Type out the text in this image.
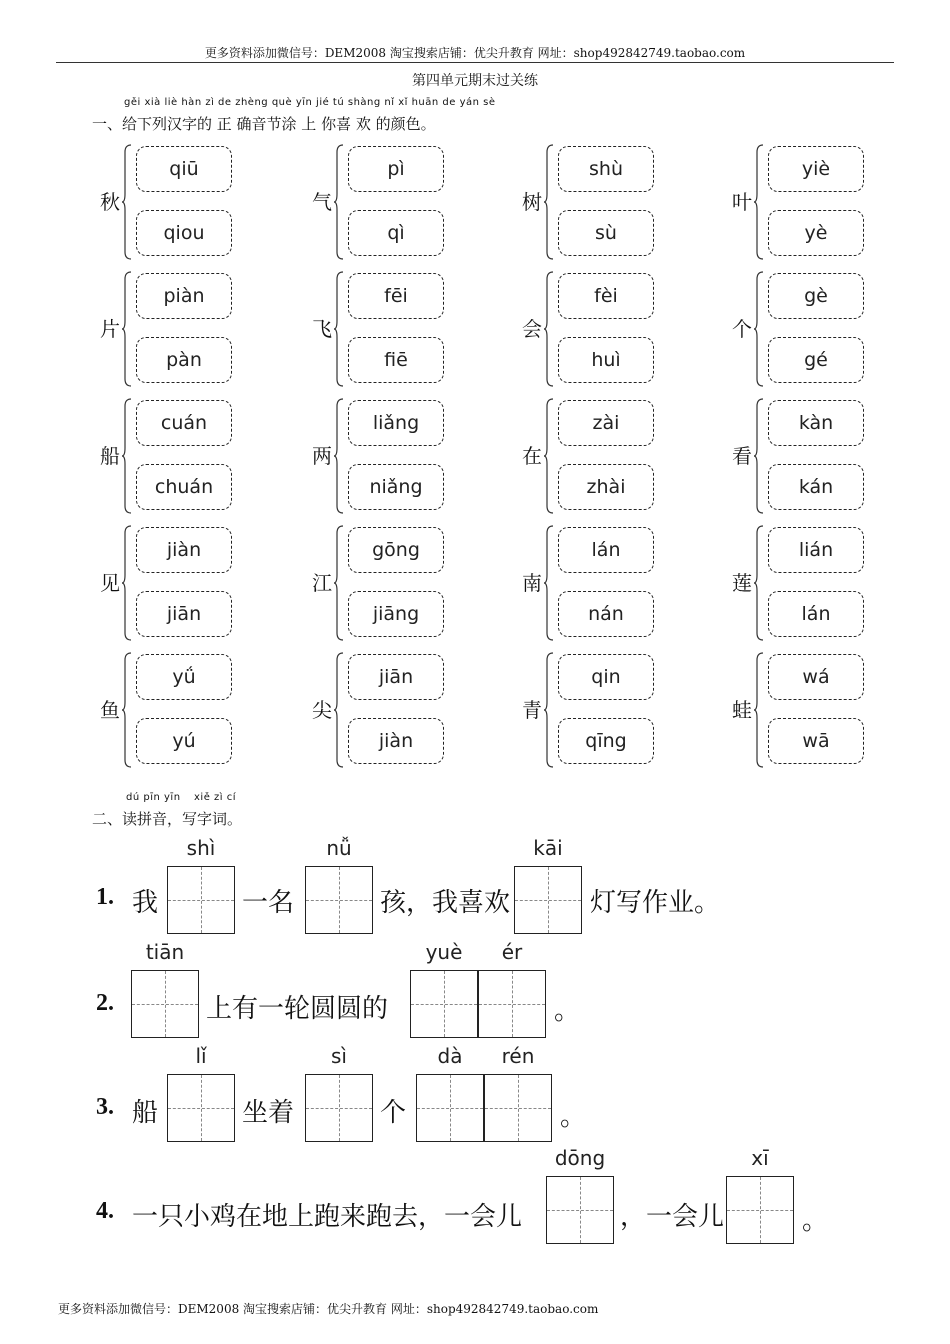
更多资料添加微信号：DEM2008 淘宝搜索店铺：优尖升教育 网址：shop492842749.taobao.com
第四单元期末过关练
gěi xià liè hàn zì de zhèng què yīn jié tú shàng nǐ xǐ huān de yán sè
一、给下列汉字的 正 确音节涂 上 你喜 欢 的颜色。
秋
qiū
qiou
气
pì
qì
树
shù
sù
叶
yiè
yè
片
piàn
pàn
飞
fēi
fiē
会
fèi
huì
个
gè
gé
船
cuán
chuán
两
liǎng
niǎng
在
zài
zhài
看
kàn
kán
见
jiàn
jiān
江
gōng
jiāng
南
lán
nán
莲
lián
lán
鱼
yǘ
yú
尖
jiān
jiàn
青
qin
qīng
蛙
wá
wā
dú pīn yīn xiě zì cí
二、读拼音，写字词。
1. 我
shì
一名
nǚ
孩，我喜欢
kāi
灯写作业。
2.
tiān
上有一轮圆圆的
yuè	ér
。
3. 船
lǐ
坐着
sì
个
dà	rén
。
4. 一只小鸡在地上跑来跑去，一会儿
dōng
，一会儿
xī
。
更多资料添加微信号：DEM2008 淘宝搜索店铺：优尖升教育 网址：shop492842749.taobao.com
